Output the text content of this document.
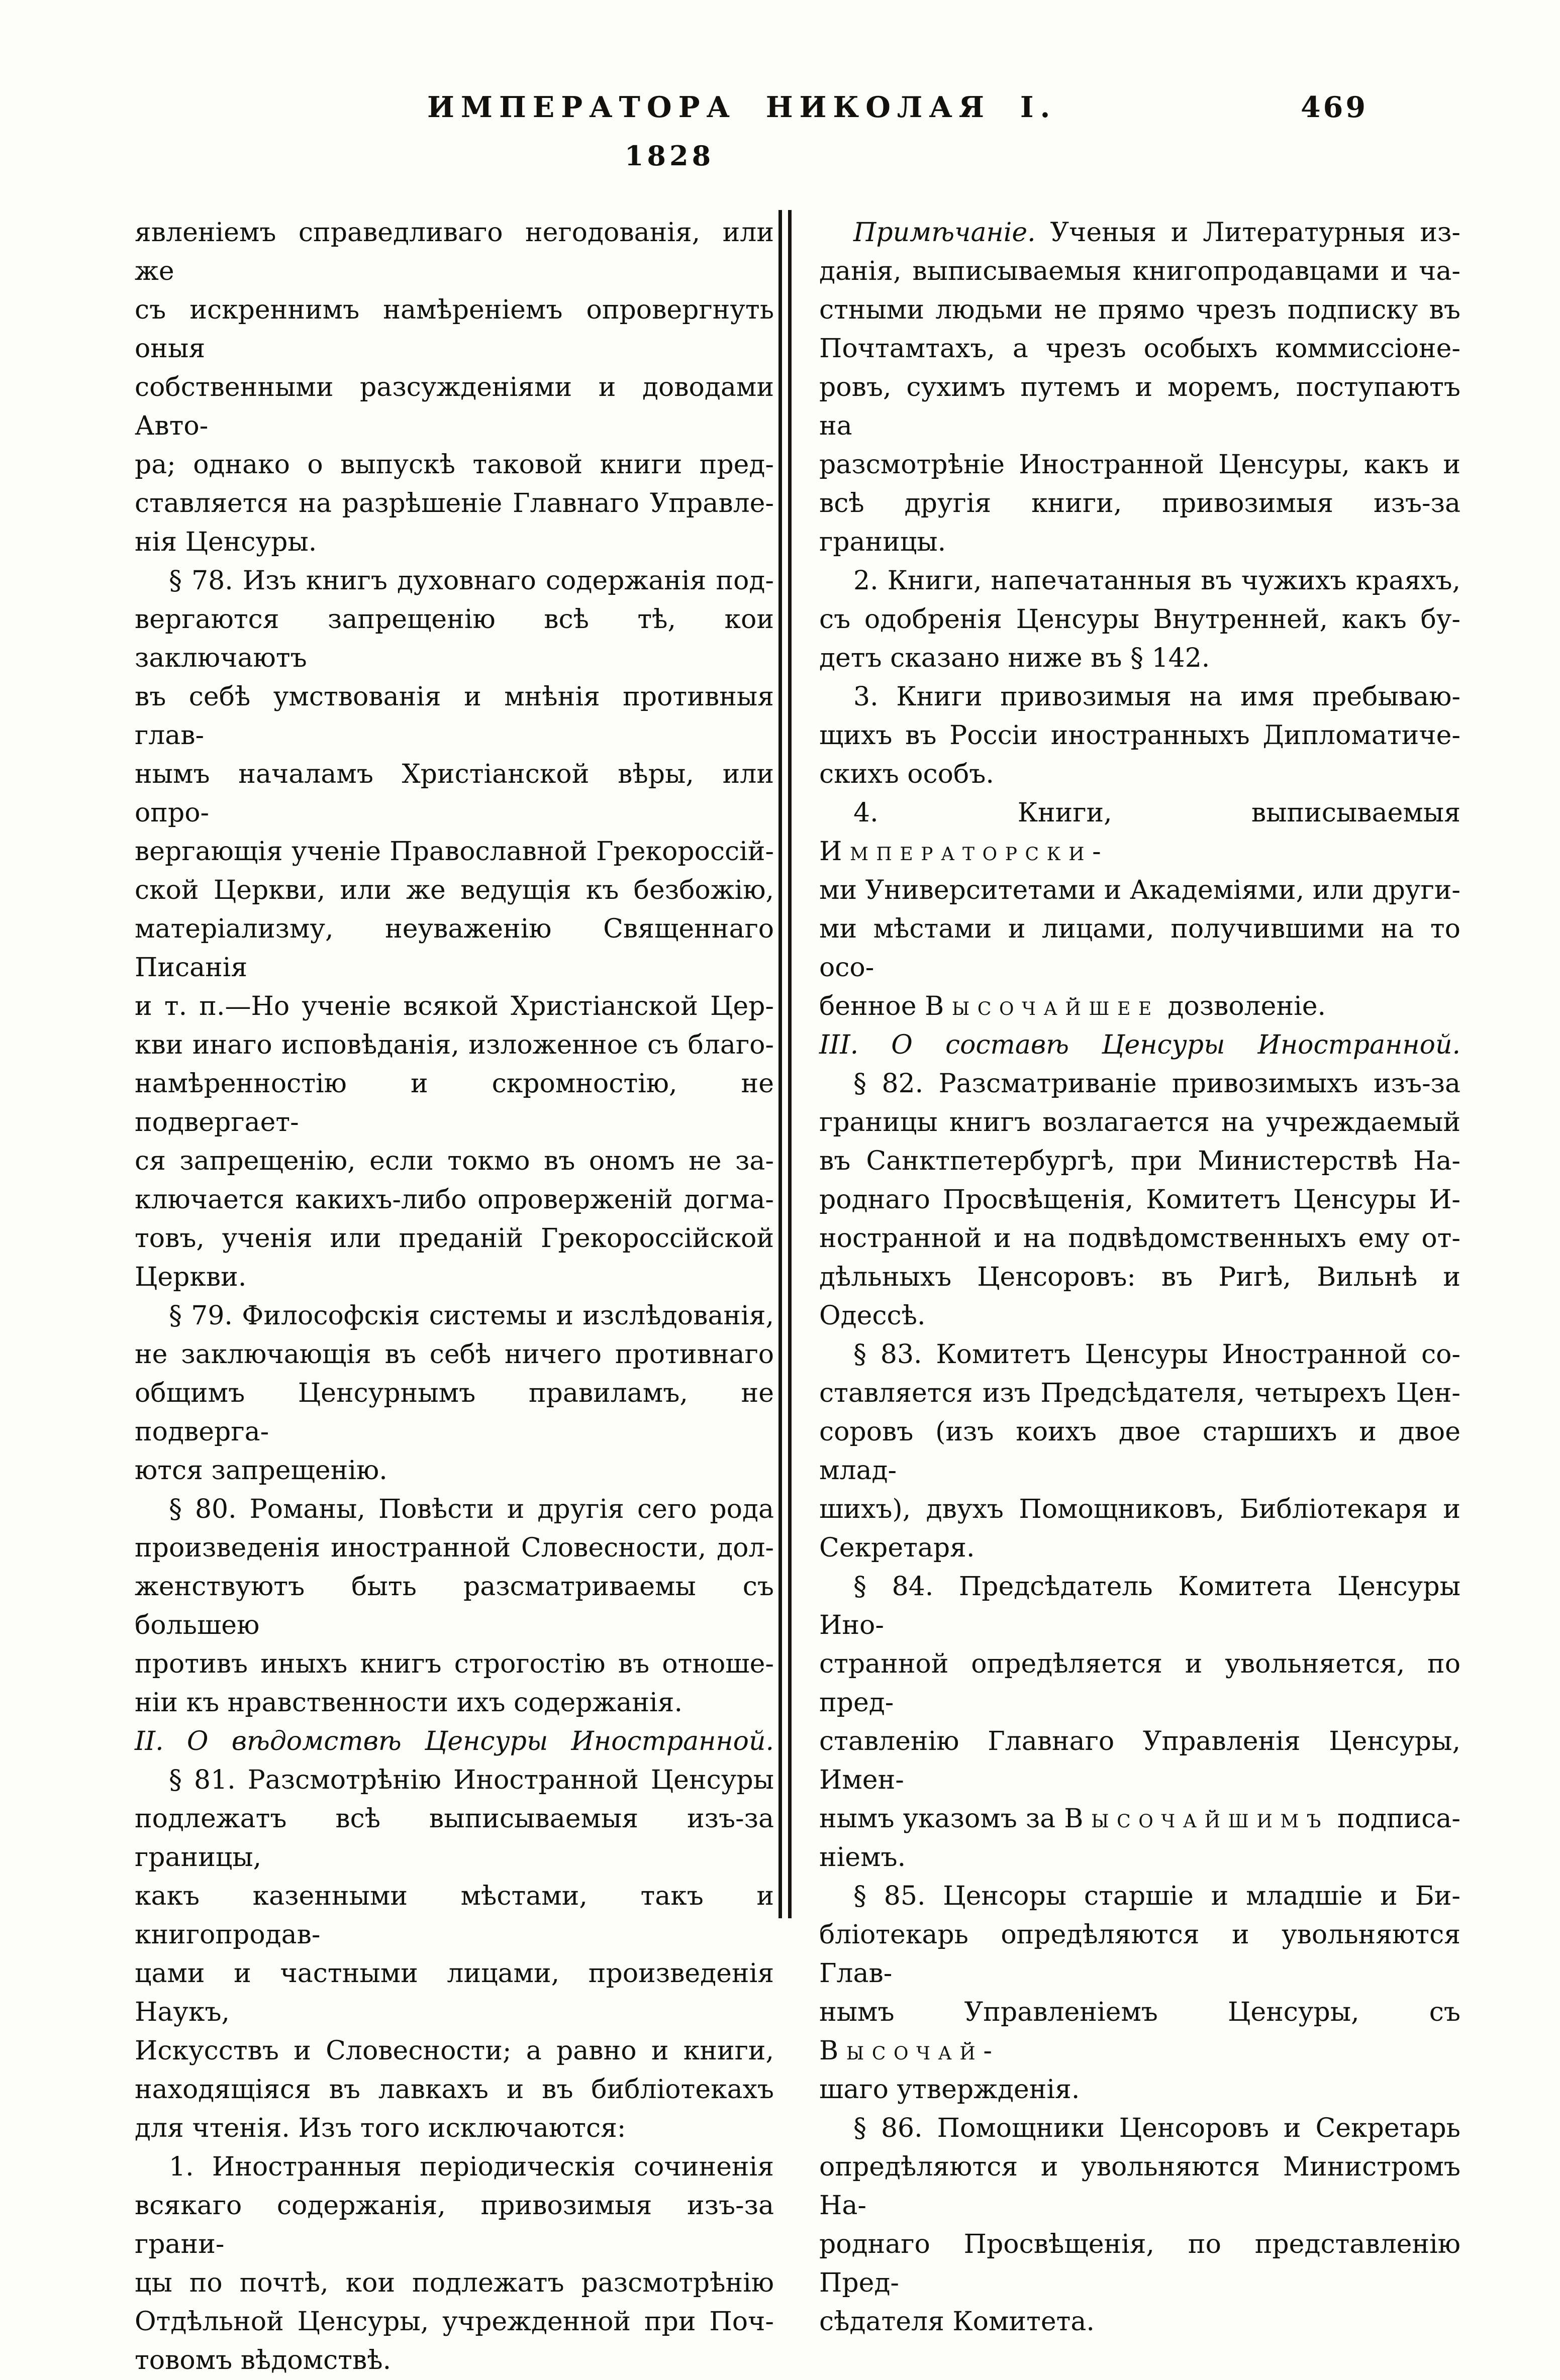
ИМПЕРАТОРА НИКОЛАЯ I.	469
1828
явленіемъ справедливаго негодованія, или же
съ искреннимъ намѣреніемъ опровергнуть оныя
собственными разсужденіями и доводами Авто-
ра; однако о выпускѣ таковой книги пред-
ставляется на разрѣшеніе Главнаго Управле-
нія Ценсуры.
§ 78. Изъ книгъ духовнаго содержанія под-
вергаются запрещенію всѣ тѣ, кои заключаютъ
въ себѣ умствованія и мнѣнія противныя глав-
нымъ началамъ Христіанской вѣры, или опро-
вергающія ученіе Православной Грекороссій-
ской Церкви, или же ведущія къ безбожію,
матеріализму, неуваженію Священнаго Писанія
и т. п.—Но ученіе всякой Христіанской Цер-
кви инаго исповѣданія, изложенное съ благо-
намѣренностію и скромностію, не подвергает-
ся запрещенію, если токмо въ ономъ не за-
ключается какихъ-либо опроверженій догма-
товъ, ученія или преданій Грекороссійской
Церкви.
§ 79. Философскія системы и изслѣдованія,
не заключающія въ себѣ ничего противнаго
общимъ Ценсурнымъ правиламъ, не подверга-
ются запрещенію.
§ 80. Романы, Повѣсти и другія сего рода
произведенія иностранной Словесности, дол-
женствуютъ быть разсматриваемы съ большею
противъ иныхъ книгъ строгостію въ отноше-
ніи къ нравственности ихъ содержанія.
II. О вѣдомствѣ Ценсуры Иностранной.
§ 81. Разсмотрѣнію Иностранной Ценсуры
подлежатъ всѣ выписываемыя изъ-за границы,
какъ казенными мѣстами, такъ и книгопродав-
цами и частными лицами, произведенія Наукъ,
Искусствъ и Словесности; а равно и книги,
находящіяся въ лавкахъ и въ библіотекахъ
для чтенія. Изъ того исключаются:
1. Иностранныя періодическія сочиненія
всякаго содержанія, привозимыя изъ-за грани-
цы по почтѣ, кои подлежатъ разсмотрѣнію
Отдѣльной Ценсуры, учрежденной при Поч-
товомъ вѣдомствѣ.
Примѣчаніе. Ученыя и Литературныя из-
данія, выписываемыя книгопродавцами и ча-
стными людьми не прямо чрезъ подписку въ
Почтамтахъ, а чрезъ особыхъ коммиссіоне-
ровъ, сухимъ путемъ и моремъ, поступаютъ на
разсмотрѣніе Иностранной Ценсуры, какъ и
всѣ другія книги, привозимыя изъ-за границы.
2. Книги, напечатанныя въ чужихъ краяхъ,
съ одобренія Ценсуры Внутренней, какъ бу-
детъ сказано ниже въ § 142.
3. Книги привозимыя на имя пребываю-
щихъ въ Россіи иностранныхъ Дипломатиче-
скихъ особъ.
4. Книги, выписываемыя Императорски-
ми Университетами и Академіями, или други-
ми мѣстами и лицами, получившими на то осо-
бенное Высочайшее дозволеніе.
III. О составѣ Ценсуры Иностранной.
§ 82. Разсматриваніе привозимыхъ изъ-за
границы книгъ возлагается на учреждаемый
въ Санктпетербургѣ, при Министерствѣ На-
роднаго Просвѣщенія, Комитетъ Ценсуры И-
ностранной и на подвѣдомственныхъ ему от-
дѣльныхъ Ценсоровъ: въ Ригѣ, Вильнѣ и Одессѣ.
§ 83. Комитетъ Ценсуры Иностранной со-
ставляется изъ Предсѣдателя, четырехъ Цен-
соровъ (изъ коихъ двое старшихъ и двое млад-
шихъ), двухъ Помощниковъ, Библіотекаря и
Секретаря.
§ 84. Предсѣдатель Комитета Ценсуры Ино-
странной опредѣляется и увольняется, по пред-
ставленію Главнаго Управленія Ценсуры, Имен-
нымъ указомъ за Высочайшимъ подписа-
ніемъ.
§ 85. Ценсоры старшіе и младшіе и Би-
бліотекарь опредѣляются и увольняются Глав-
нымъ Управленіемъ Ценсуры, съ Высочай-
шаго утвержденія.
§ 86. Помощники Ценсоровъ и Секретарь
опредѣляются и увольняются Министромъ На-
роднаго Просвѣщенія, по представленію Пред-
сѣдателя Комитета.
